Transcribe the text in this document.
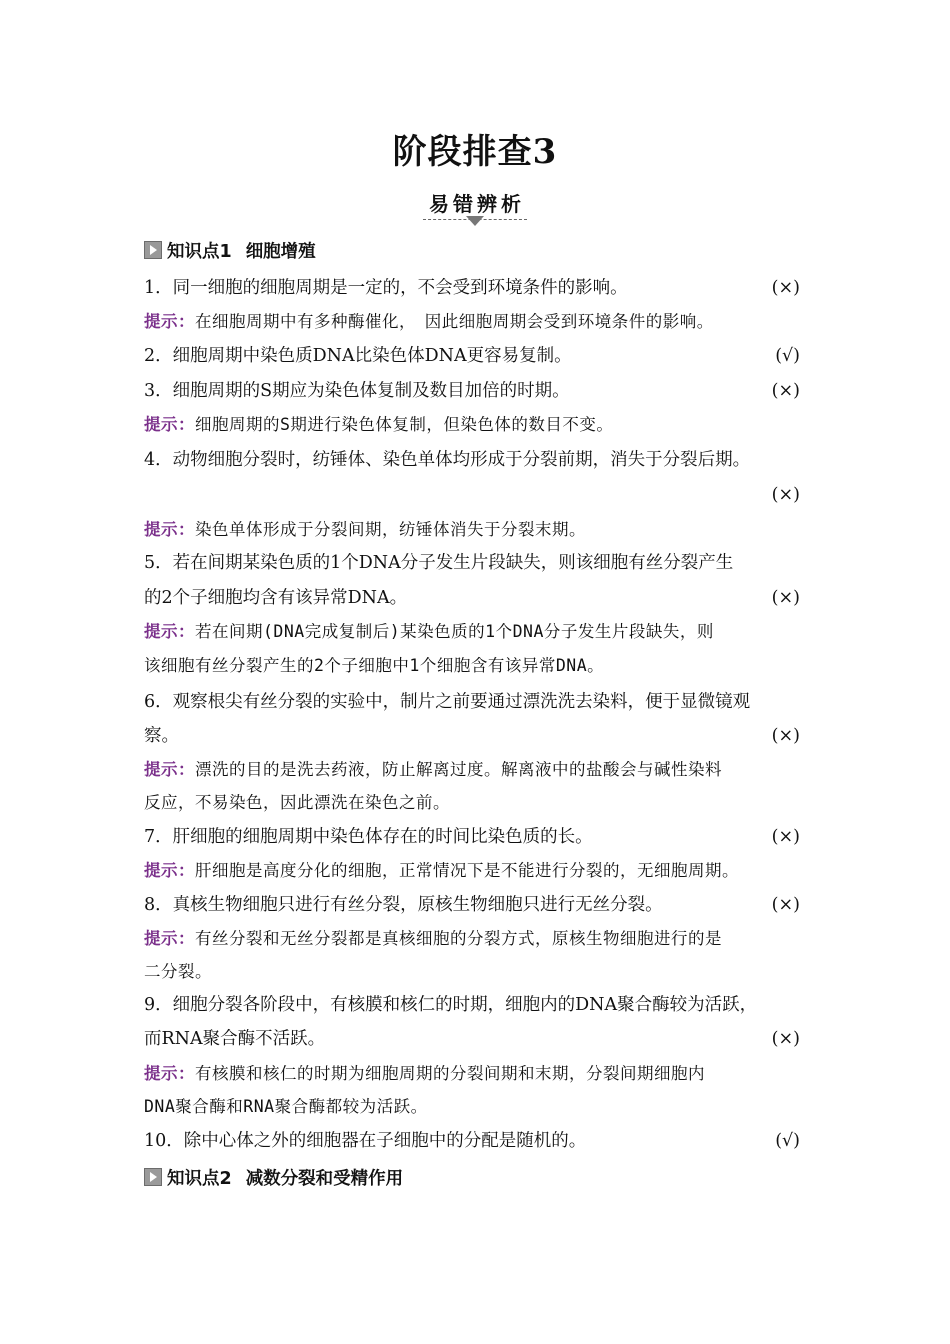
阶段排查3
易错辨析
知识点1 细胞增殖
1．同一细胞的细胞周期是一定的，不会受到环境条件的影响。	(×)
提示：在细胞周期中有多种酶催化，　因此细胞周期会受到环境条件的影响。
2．细胞周期中染色质DNA比染色体DNA更容易复制。	(√)
3．细胞周期的S期应为染色体复制及数目加倍的时期。	(×)
提示：细胞周期的S期进行染色体复制，但染色体的数目不变。
4．动物细胞分裂时，纺锤体、染色单体均形成于分裂前期，消失于分裂后期。
(×)
提示：染色单体形成于分裂间期，纺锤体消失于分裂末期。
5．若在间期某染色质的1个DNA分子发生片段缺失，则该细胞有丝分裂产生
的2个子细胞均含有该异常DNA。	(×)
提示：若在间期(DNA完成复制后)某染色质的1个DNA分子发生片段缺失，则
该细胞有丝分裂产生的2个子细胞中1个细胞含有该异常DNA。
6．观察根尖有丝分裂的实验中，制片之前要通过漂洗洗去染料，便于显微镜观
察。	(×)
提示：漂洗的目的是洗去药液，防止解离过度。解离液中的盐酸会与碱性染料
反应，不易染色，因此漂洗在染色之前。
7．肝细胞的细胞周期中染色体存在的时间比染色质的长。	(×)
提示：肝细胞是高度分化的细胞，正常情况下是不能进行分裂的，无细胞周期。
8．真核生物细胞只进行有丝分裂，原核生物细胞只进行无丝分裂。	(×)
提示：有丝分裂和无丝分裂都是真核细胞的分裂方式，原核生物细胞进行的是
二分裂。
9．细胞分裂各阶段中，有核膜和核仁的时期，细胞内的DNA聚合酶较为活跃，
而RNA聚合酶不活跃。	(×)
提示：有核膜和核仁的时期为细胞周期的分裂间期和末期，分裂间期细胞内
DNA聚合酶和RNA聚合酶都较为活跃。
10．除中心体之外的细胞器在子细胞中的分配是随机的。	(√)
知识点2 减数分裂和受精作用
